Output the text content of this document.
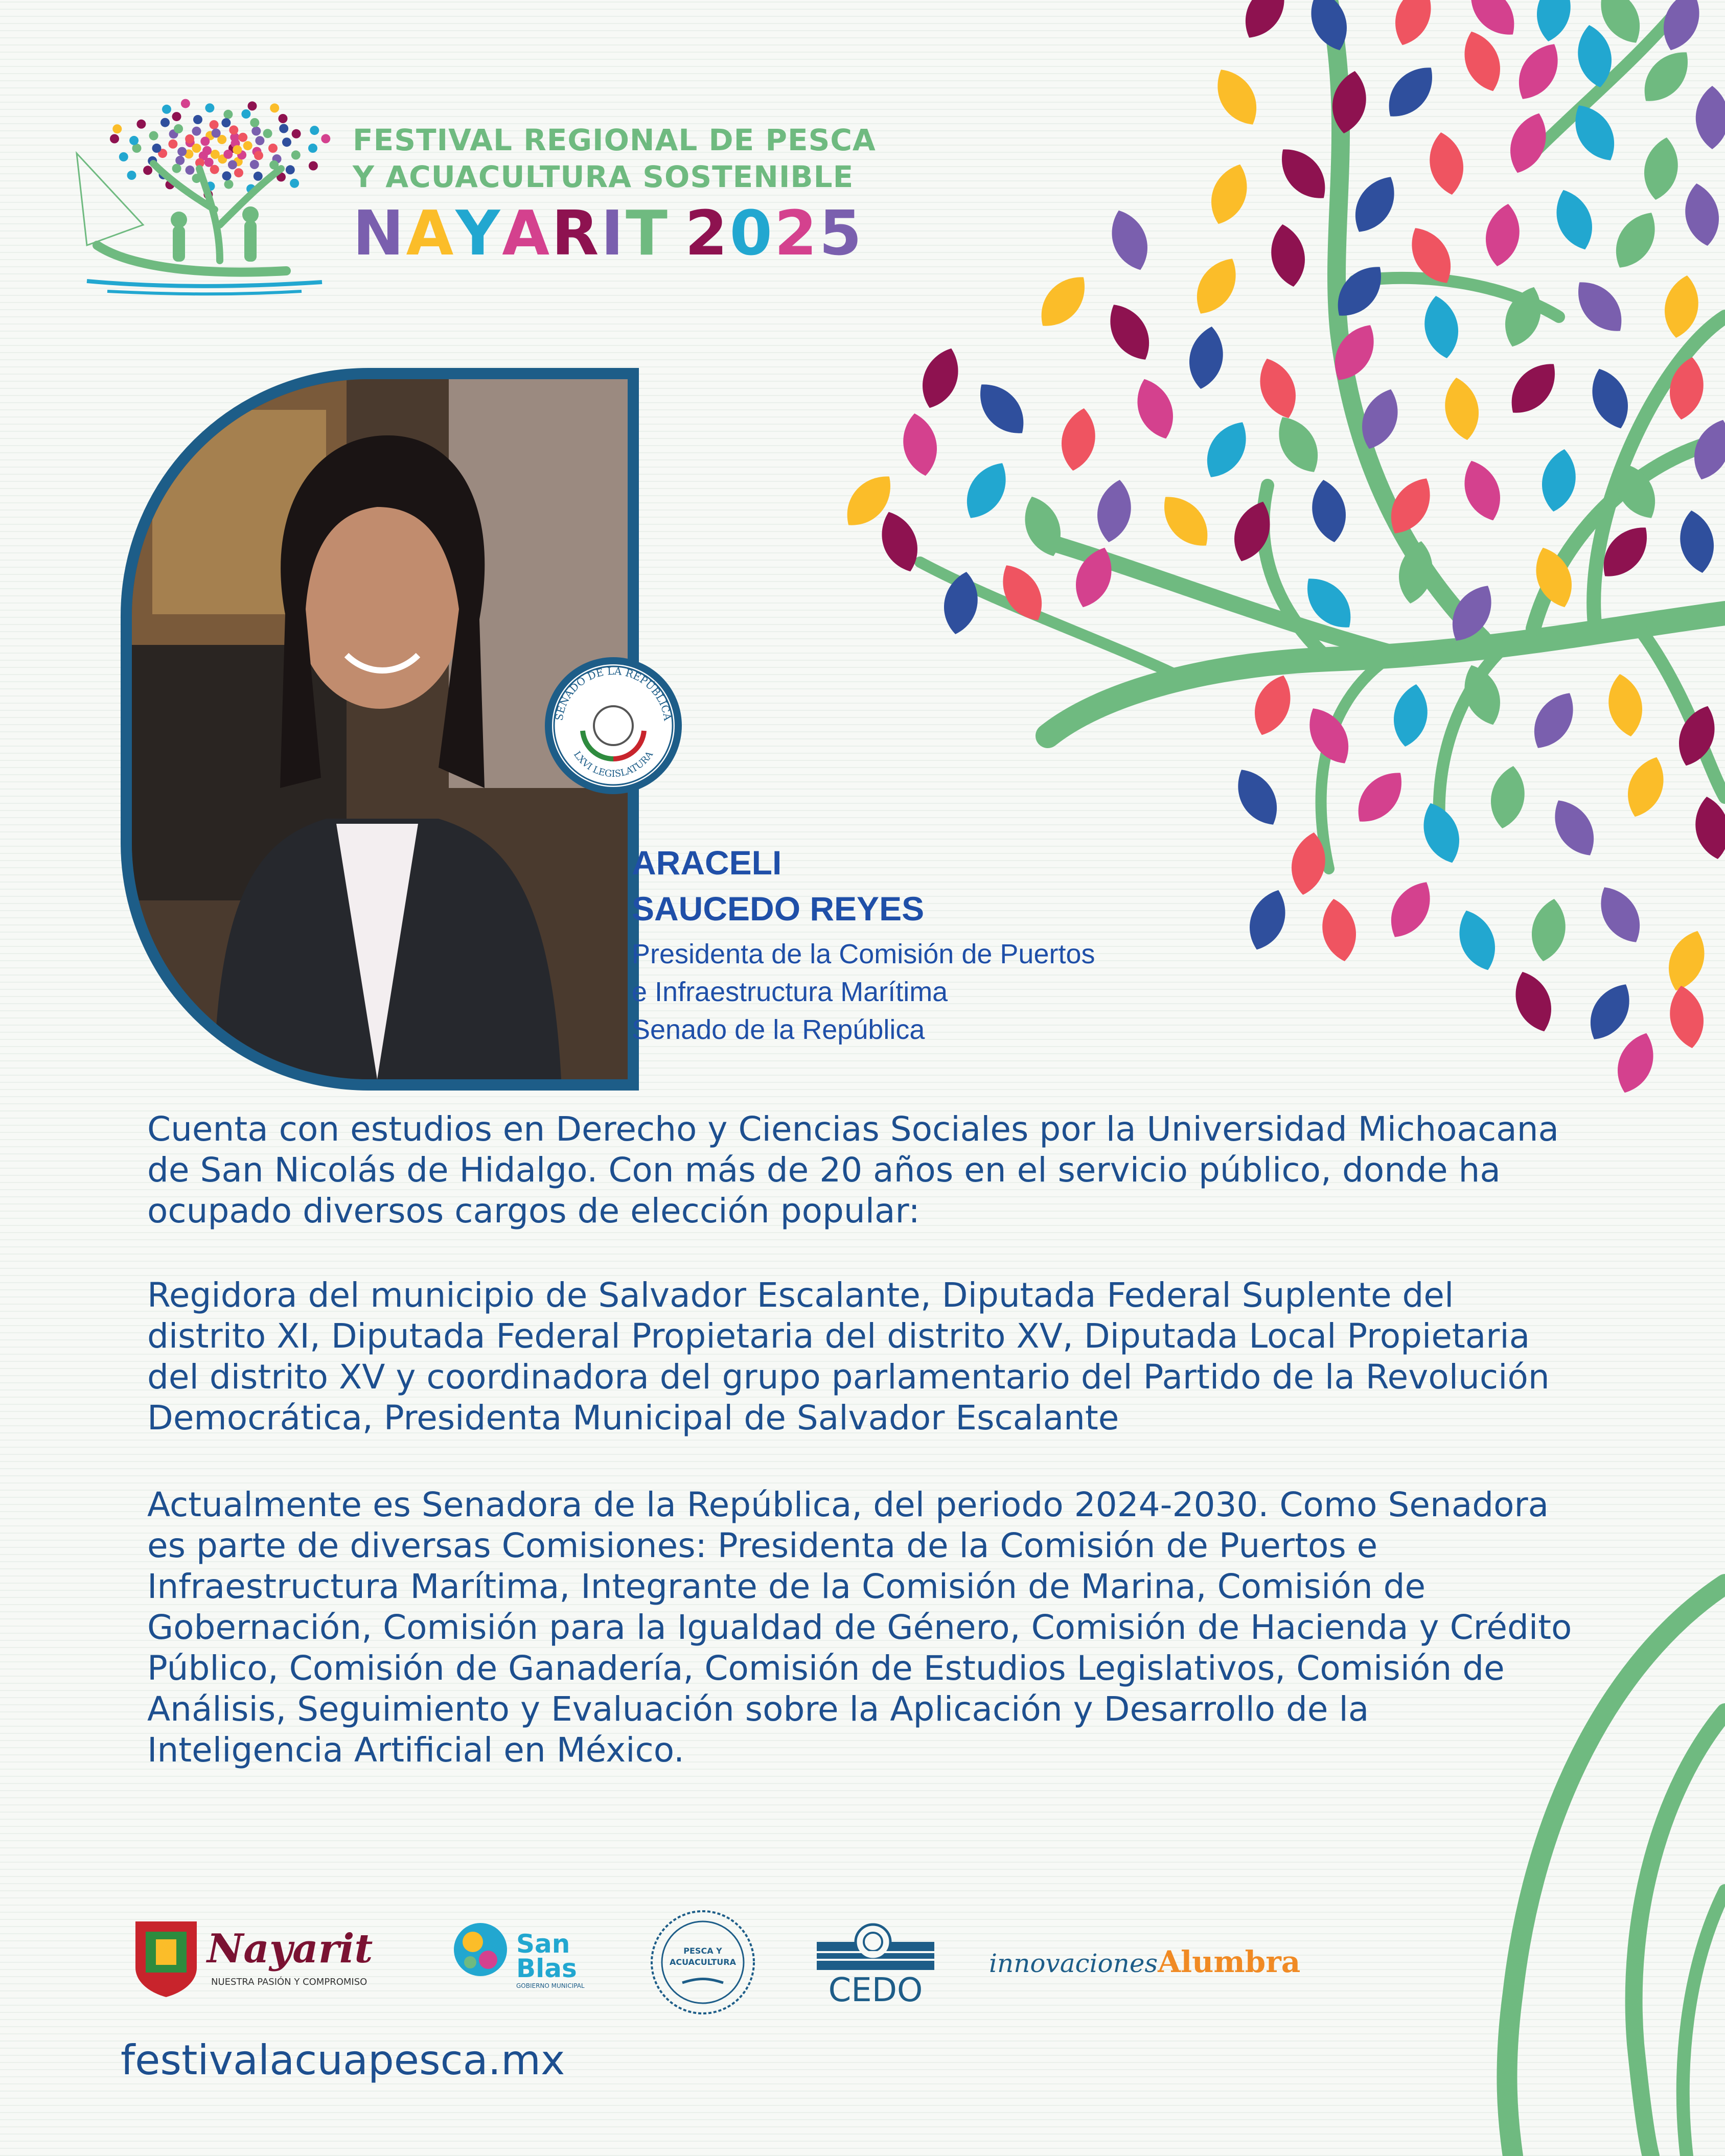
FESTIVAL REGIONAL DE PESCA
Y ACUACULTURA SOSTENIBLE
NAYARIT 2025
SENADO DE LA REPÚBLICA
LXVI LEGISLATURA
ARACELI
SAUCEDO REYES
Presidenta de la Comisión de Puertos
e Infraestructura Marítima
Senado de la República

Cuenta con estudios en Derecho y Ciencias Sociales por la Universidad Michoacana de San Nicolás de Hidalgo. Con más de 20 años en el servicio público, donde ha ocupado diversos cargos de elección popular:

Regidora del municipio de Salvador Escalante, Diputada Federal Suplente del distrito XI, Diputada Federal Propietaria del distrito XV, Diputada Local Propietaria del distrito XV y coordinadora del grupo parlamentario del Partido de la Revolución Democrática, Presidenta Municipal de Salvador Escalante

Actualmente es Senadora de la República, del periodo 2024-2030. Como Senadora es parte de diversas Comisiones: Presidenta de la Comisión de Puertos e Infraestructura Marítima, Integrante de la Comisión de Marina, Comisión de Gobernación, Comisión para la Igualdad de Género, Comisión de Hacienda y Crédito Público, Comisión de Ganadería, Comisión de Estudios Legislativos, Comisión de Análisis, Seguimiento y Evaluación sobre la Aplicación y Desarrollo de la Inteligencia Artificial en México.

Nayarit
NUESTRA PASIÓN Y COMPROMISO
San
Blas
GOBIERNO MUNICIPAL
PESCA Y
ACUACULTURA
CEDO
innovacionesAlumbra
festivalacuapesca.mx
